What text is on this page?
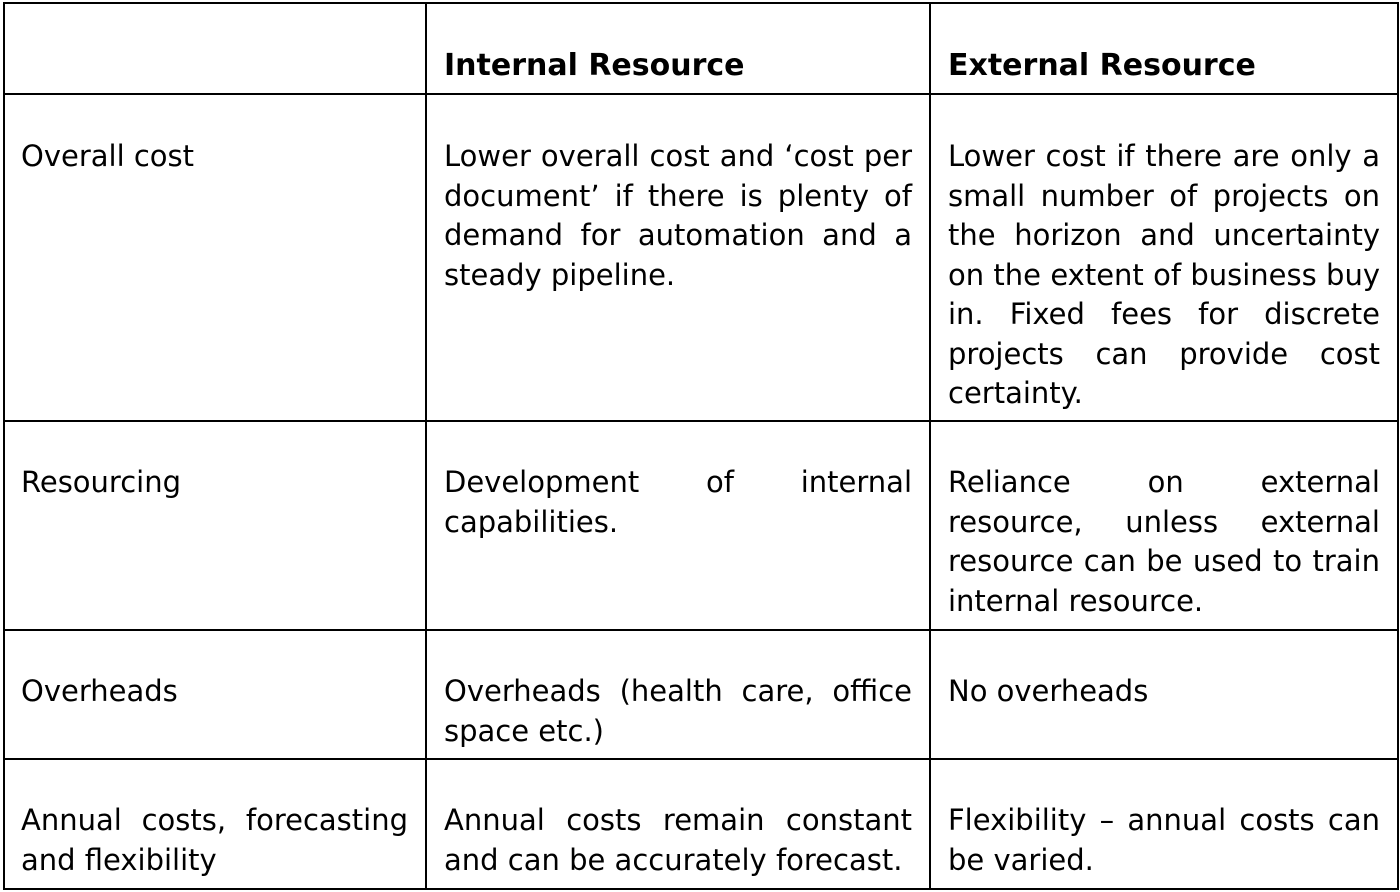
	Internal Resource	External Resource

Overall cost	Lower overall cost and ‘cost per document’ if there is plenty of demand for automation and a steady pipeline.	Lower cost if there are only a small number of projects on the horizon and uncertainty on the extent of business buy in. Fixed fees for discrete projects can provide cost certainty.

Resourcing	Development of internal capabilities.	Reliance on external resource, unless external resource can be used to train internal resource.

Overheads	Overheads (health care, office space etc.)	No overheads

Annual costs, forecasting and flexibility	Annual costs remain constant and can be accurately forecast.	Flexibility – annual costs can be varied.
